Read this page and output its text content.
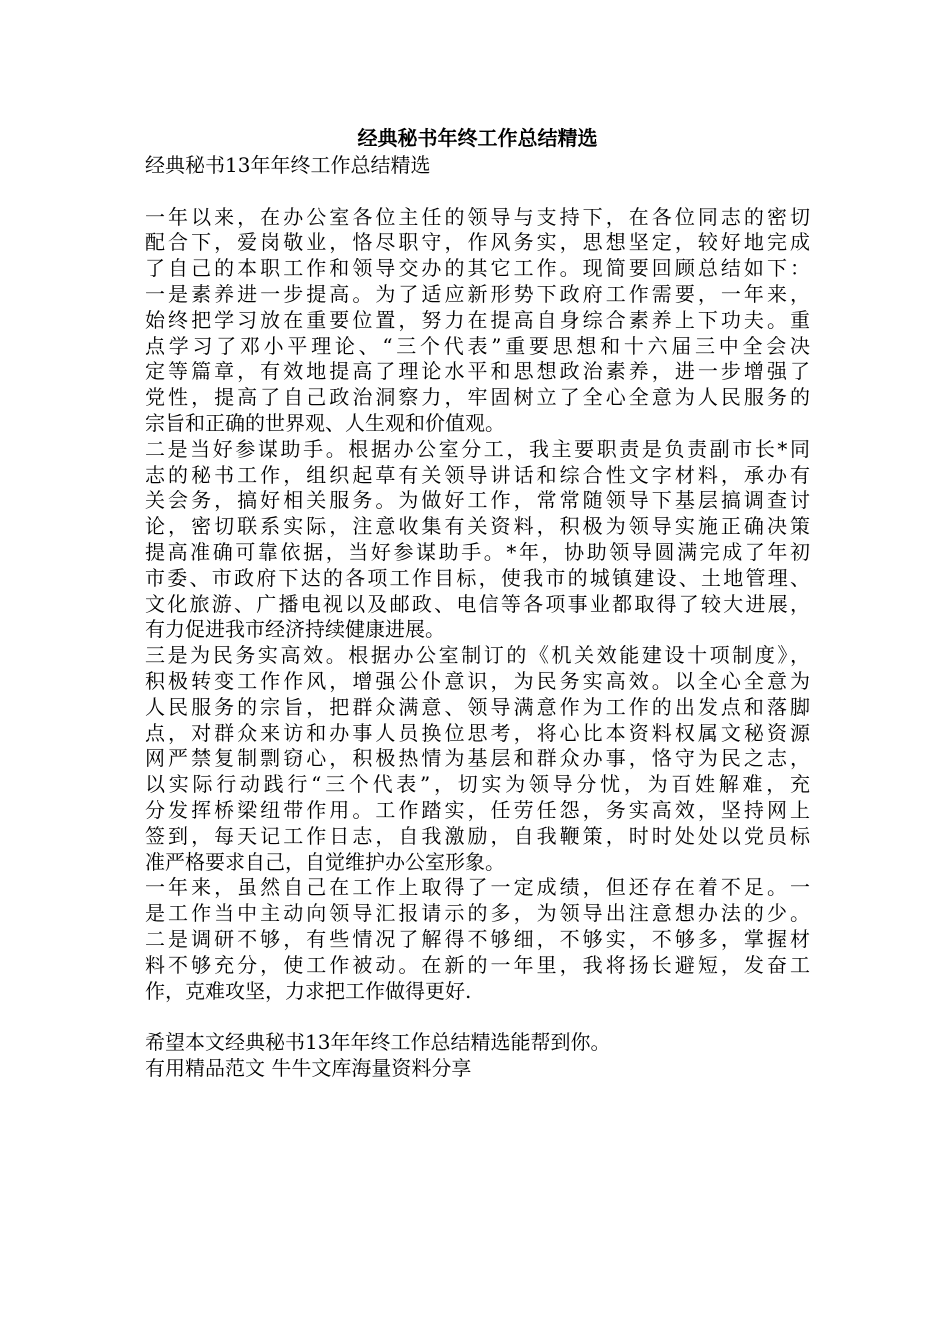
经典秘书年终工作总结精选

经典秘书13年年终工作总结精选

一年以来，在办公室各位主任的领导与支持下，在各位同志的密切

配合下，爱岗敬业，恪尽职守，作风务实，思想坚定，较好地完成

了自己的本职工作和领导交办的其它工作。现简要回顾总结如下：

一是素养进一步提高。为了适应新形势下政府工作需要，一年来，

始终把学习放在重要位置，努力在提高自身综合素养上下功夫。重

点学习了邓小平理论、“三个代表”重要思想和十六届三中全会决

定等篇章，有效地提高了理论水平和思想政治素养，进一步增强了

党性，提高了自己政治洞察力，牢固树立了全心全意为人民服务的

宗旨和正确的世界观、人生观和价值观。

二是当好参谋助手。根据办公室分工，我主要职责是负责副市长*同

志的秘书工作，组织起草有关领导讲话和综合性文字材料，承办有

关会务，搞好相关服务。为做好工作，常常随领导下基层搞调查讨

论，密切联系实际，注意收集有关资料，积极为领导实施正确决策

提高准确可靠依据，当好参谋助手。*年，协助领导圆满完成了年初

市委、市政府下达的各项工作目标，使我市的城镇建设、土地管理、

文化旅游、广播电视以及邮政、电信等各项事业都取得了较大进展，

有力促进我市经济持续健康进展。

三是为民务实高效。根据办公室制订的《机关效能建设十项制度》，

积极转变工作作风，增强公仆意识，为民务实高效。以全心全意为

人民服务的宗旨，把群众满意、领导满意作为工作的出发点和落脚

点，对群众来访和办事人员换位思考，将心比本资料权属文秘资源

网严禁复制剽窃心，积极热情为基层和群众办事，恪守为民之志，

以实际行动践行“三个代表”，切实为领导分忧，为百姓解难，充

分发挥桥梁纽带作用。工作踏实，任劳任怨，务实高效，坚持网上

签到，每天记工作日志，自我激励，自我鞭策，时时处处以党员标

准严格要求自己，自觉维护办公室形象。

一年来，虽然自己在工作上取得了一定成绩，但还存在着不足。一

是工作当中主动向领导汇报请示的多，为领导出注意想办法的少。

二是调研不够，有些情况了解得不够细，不够实，不够多，掌握材

料不够充分，使工作被动。在新的一年里，我将扬长避短，发奋工

作，克难攻坚，力求把工作做得更好.

希望本文经典秘书13年年终工作总结精选能帮到你。

有用精品范文 牛牛文库海量资料分享
